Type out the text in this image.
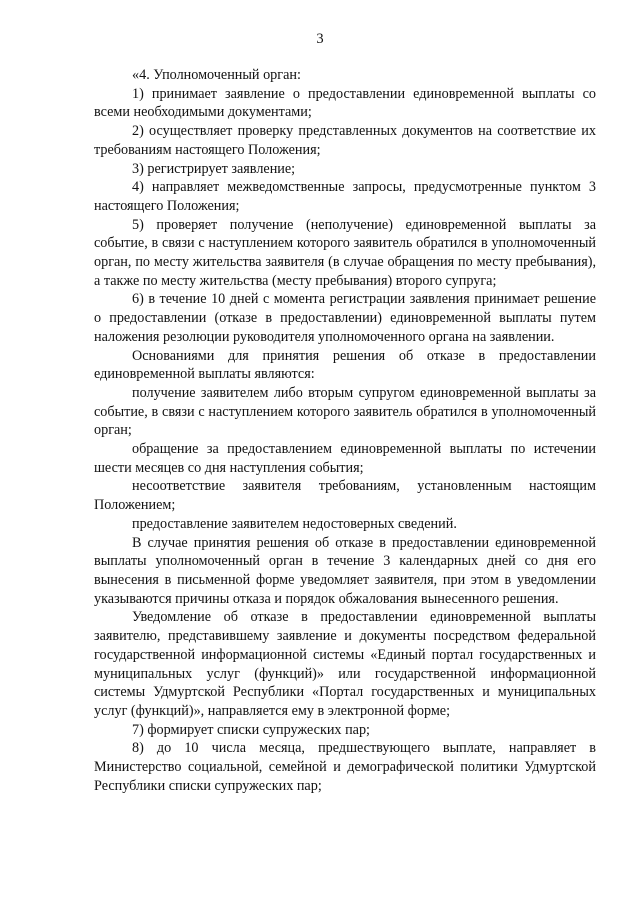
3

«4. Уполномоченный орган:

1) принимает заявление о предоставлении единовременной выплаты со всеми необходимыми документами;

2) осуществляет проверку представленных документов на соответствие их требованиям настоящего Положения;

3) регистрирует заявление;

4) направляет межведомственные запросы, предусмотренные пунктом 3 настоящего Положения;

5) проверяет получение (неполучение) единовременной выплаты за событие, в связи с наступлением которого заявитель обратился в уполномоченный орган, по месту жительства заявителя (в случае обращения по месту пребывания), а также по месту жительства (месту пребывания) второго супруга;

6) в течение 10 дней с момента регистрации заявления принимает решение о предоставлении (отказе в предоставлении) единовременной выплаты путем наложения резолюции руководителя уполномоченного органа на заявлении.

Основаниями для принятия решения об отказе в предоставлении единовременной выплаты являются:

получение заявителем либо вторым супругом единовременной выплаты за событие, в связи с наступлением которого заявитель обратился в уполномоченный орган;

обращение за предоставлением единовременной выплаты по истечении шести месяцев со дня наступления события;

несоответствие заявителя требованиям, установленным настоящим Положением;

предоставление заявителем недостоверных сведений.

В случае принятия решения об отказе в предоставлении единовременной выплаты уполномоченный орган в течение 3 календарных дней со дня его вынесения в письменной форме уведомляет заявителя, при этом в уведомлении указываются причины отказа и порядок обжалования вынесенного решения.

Уведомление об отказе в предоставлении единовременной выплаты заявителю, представившему заявление и документы посредством федеральной государственной информационной системы «Единый портал государственных и муниципальных услуг (функций)» или государственной информационной системы Удмуртской Республики «Портал государственных и муниципальных услуг (функций)», направляется ему в электронной форме;

7) формирует списки супружеских пар;

8) до 10 числа месяца, предшествующего выплате, направляет в Министерство социальной, семейной и демографической политики Удмуртской Республики списки супружеских пар;
